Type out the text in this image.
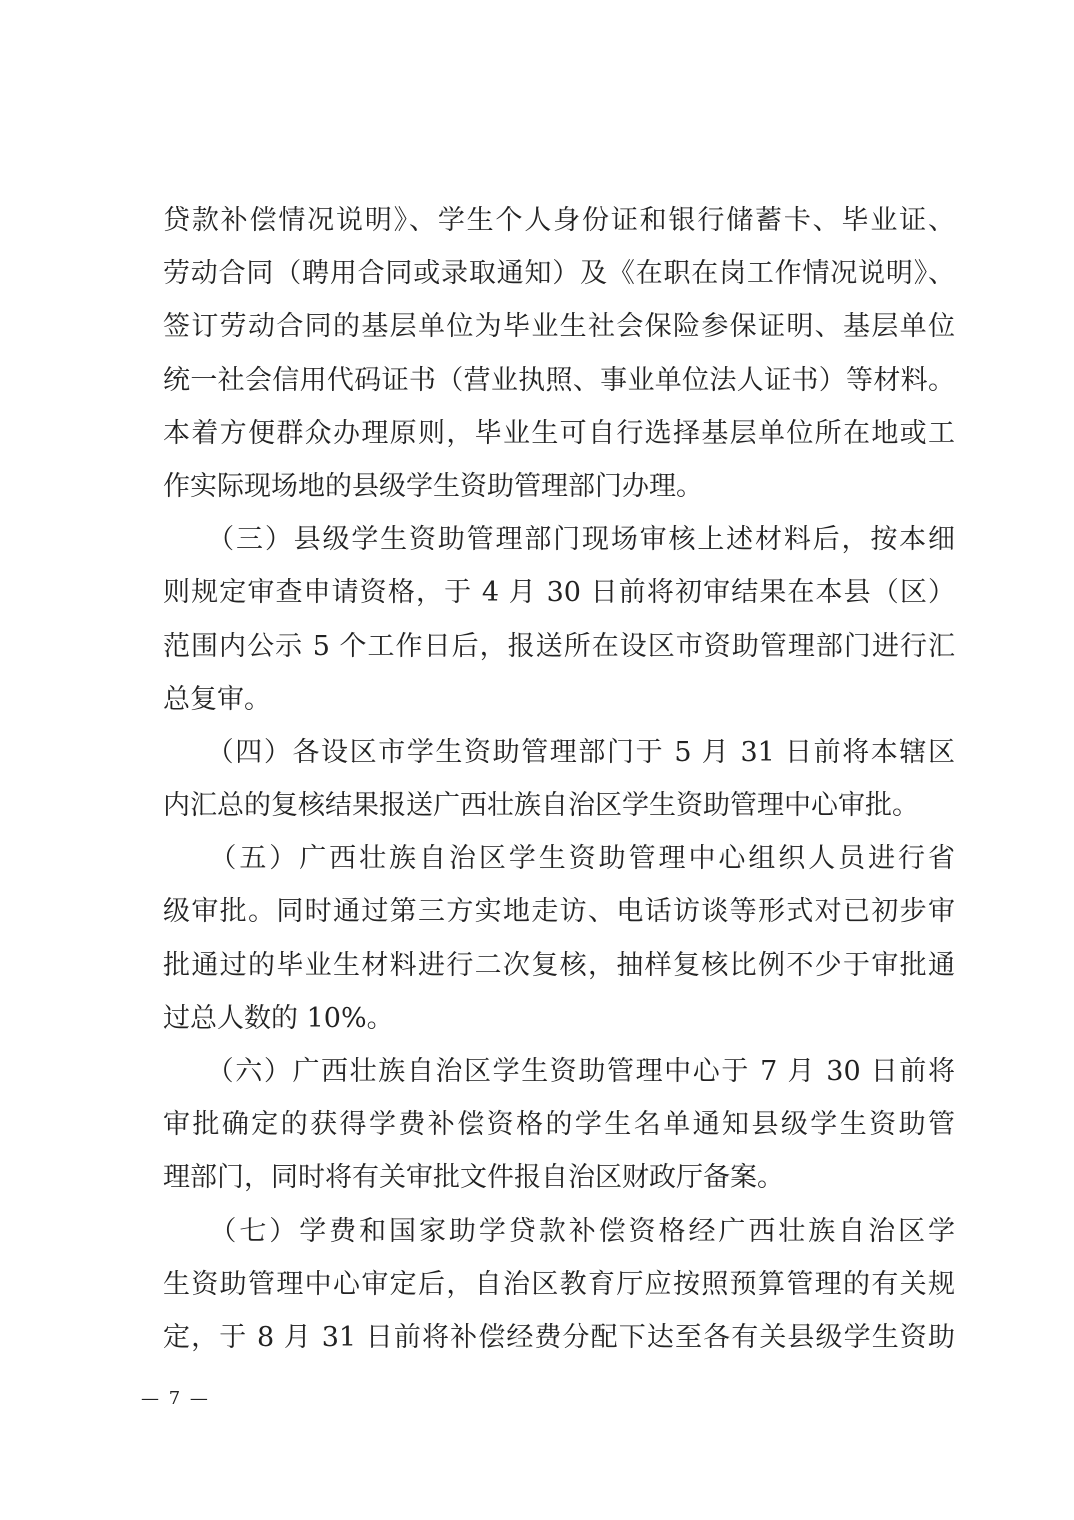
贷款补偿情况说明》、学生个人身份证和银行储蓄卡、毕业证、
劳动合同（聘用合同或录取通知）及《在职在岗工作情况说明》、
签订劳动合同的基层单位为毕业生社会保险参保证明、基层单位
统一社会信用代码证书（营业执照、事业单位法人证书）等材料。
本着方便群众办理原则，毕业生可自行选择基层单位所在地或工
作实际现场地的县级学生资助管理部门办理。
　　（三）县级学生资助管理部门现场审核上述材料后，按本细
则规定审查申请资格，于 4 月 30 日前将初审结果在本县（区）
范围内公示 5 个工作日后，报送所在设区市资助管理部门进行汇
总复审。
　　（四）各设区市学生资助管理部门于 5 月 31 日前将本辖区
内汇总的复核结果报送广西壮族自治区学生资助管理中心审批。
　　（五）广西壮族自治区学生资助管理中心组织人员进行省
级审批。同时通过第三方实地走访、电话访谈等形式对已初步审
批通过的毕业生材料进行二次复核，抽样复核比例不少于审批通
过总人数的 10%。
　　（六）广西壮族自治区学生资助管理中心于 7 月 30 日前将
审批确定的获得学费补偿资格的学生名单通知县级学生资助管
理部门，同时将有关审批文件报自治区财政厅备案。
　　（七）学费和国家助学贷款补偿资格经广西壮族自治区学
生资助管理中心审定后，自治区教育厅应按照预算管理的有关规
定，于 8 月 31 日前将补偿经费分配下达至各有关县级学生资助
— 7 —
